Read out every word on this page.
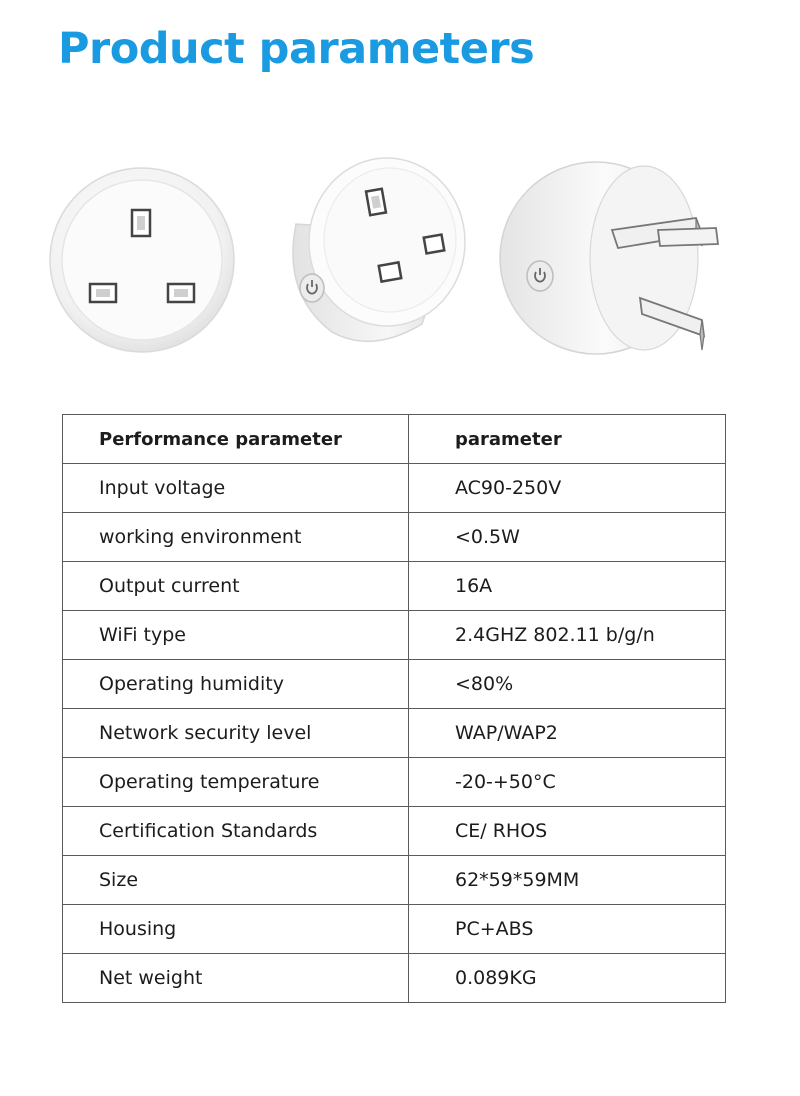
Product parameters
Performance parameter	parameter
Input voltage	AC90-250V
working environment	<0.5W
Output current	16A
WiFi type	2.4GHZ 802.11 b/g/n
Operating humidity	<80%
Network security level	WAP/WAP2
Operating temperature	-20-+50°C
Certification Standards	CE/ RHOS
Size	62*59*59MM
Housing	PC+ABS
Net weight	0.089KG
